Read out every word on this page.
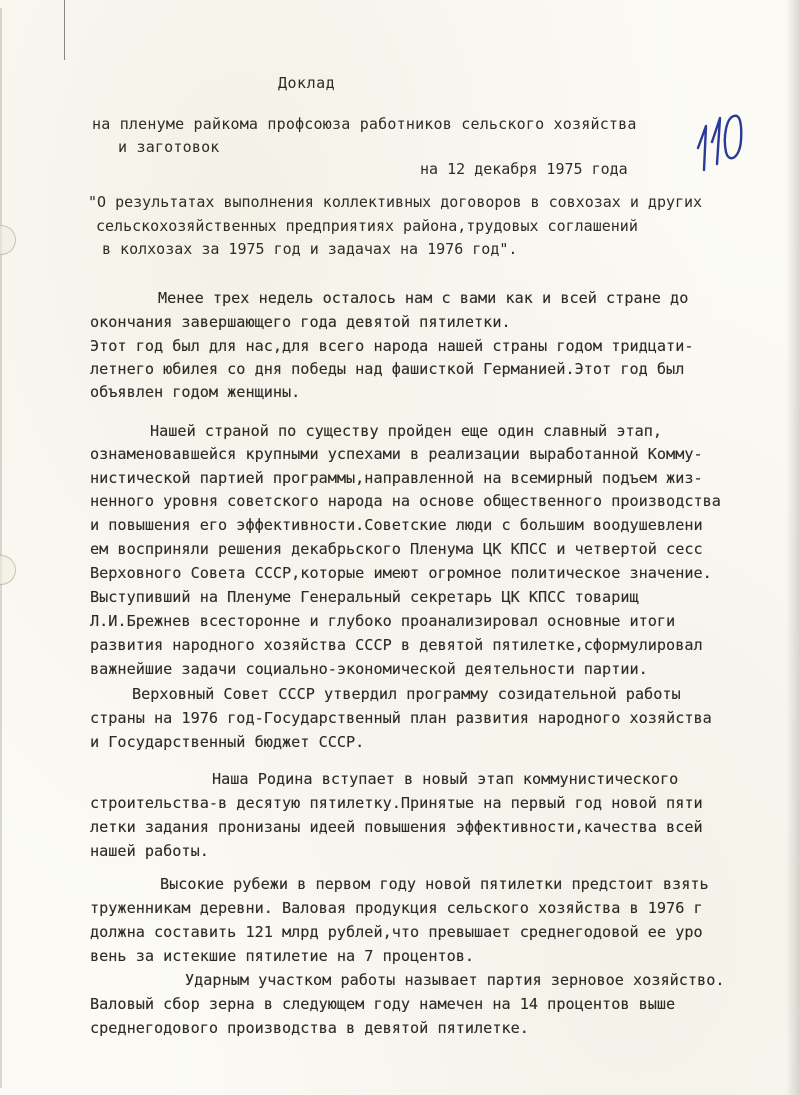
Доклад
на пленуме райкома профсоюза работников сельского хозяйства
и заготовок
на 12 декабря 1975 года
"О результатах выполнения коллективных договоров в совхозах и других
сельскохозяйственных предприятиях района,трудовых соглашений
в колхозах за 1975 год и задачах на 1976 год".
Менее трех недель осталось нам с вами как и всей стране до
окончания завершающего года девятой пятилетки.
Этот год был для нас,для всего народа нашей страны годом тридцати-
летнего юбилея со дня победы над фашисткой Германией.Этот год был
объявлен годом женщины.
Нашей страной по существу пройден еще один славный этап,
ознаменовавшейся крупными успехами в реализации выработанной Комму-
нистической партией программы,направленной на всемирный подъем жиз-
ненного уровня советского народа на основе общественного производства
и повышения его эффективности.Советские люди с большим воодушевлени
ем восприняли решения декабрьского Пленума ЦК КПСС и четвертой сесс
Верховного Совета СССР,которые имеют огромное политическое значение.
Выступивший на Пленуме Генеральный секретарь ЦК КПСС товарищ
Л.И.Брежнев всесторонне и глубоко проанализировал основные итоги
развития народного хозяйства СССР в девятой пятилетке,сформулировал
важнейшие задачи социально-экономической деятельности партии.
Верховный Совет СССР утвердил программу созидательной работы
страны на 1976 год-Государственный план развития народного хозяйства
и Государственный бюджет СССР.
Наша Родина вступает в новый этап коммунистического
строительства-в десятую пятилетку.Принятые на первый год новой пяти
летки задания пронизаны идеей повышения эффективности,качества всей
нашей работы.
Высокие рубежи в первом году новой пятилетки предстоит взять
труженникам деревни. Валовая продукция сельского хозяйства в 1976 г
должна составить 121 млрд рублей,что превышает среднегодовой ее уро
вень за истекшие пятилетие на 7 процентов.
Ударным участком работы называет партия зерновое хозяйство.
Валовый сбор зерна в следующем году намечен на 14 процентов выше
среднегодового производства в девятой пятилетке.
